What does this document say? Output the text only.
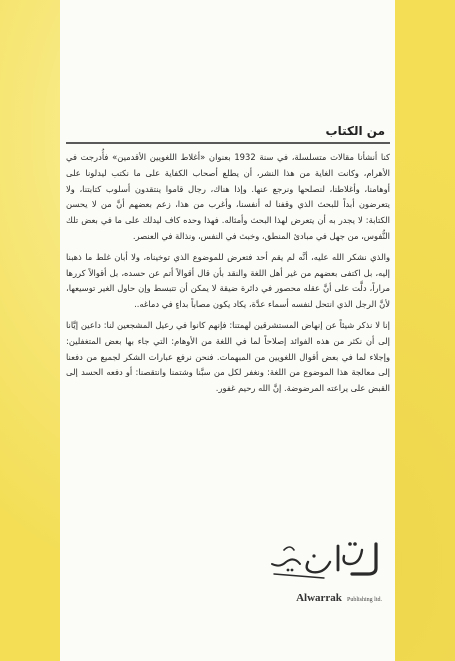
من الكتاب

كنا أنشأنا مقالات متسلسلة، في سنة 1932 بعنوان «أغلاط اللغويين الأقدمين» فأُدرجت في الأهرام، وكانت الغاية من هذا النشر، أن يطلع أصحاب الكفاية على ما نكتب ليدلونا على أوهامنا، وأغلاطنا، لنصلحها ونرجع عنها. وإذا هناك، رجال قاموا ينتقدون أسلوب كتابتنا، ولا يتعرضون أبداً للبحث الذي وقفنا له أنفسنا، وأغرب من هذا، زعم بعضهم أنَّ من لا يحسن الكتابة: لا يجدر به أن يتعرض لهذا البحث وأمثاله. فهذا وحده كاف ليدلك على ما في بعض تلك النُّفوس، من جهل في مبادئ المنطق، وخبث في النفس، ونذالة في العنصر.

والذي نشكر الله عليه، أنَّه لم يقم أحد فتعرض للموضوع الذي توخيناه، ولا أبان غلط ما ذهبنا إليه، بل اكتفى بعضهم من غير أهل اللغة والنقد بأن قال أقوالاً أتم عن حسده، بل أقوالاً كررها مراراً، دلَّت على أنَّ عقله محصور في دائرة ضيقة لا يمكن أن تتبسط وإن حاول الغير توسيعها، لأنَّ الرجل الذي انتحل لنفسه أسماء عدَّة، يكاد يكون مصاباً بداءٍ في دماغه..

إنا لا نذكر شيئاً عن إنهاض المستشرقين لهمتنا: فإنهم كانوا في رعيل المشجعين لنا: داعين إيَّانا إلى أن نكثر من هذه الفوائد إصلاحاً لما في اللغة من الأوهام: التي جاء بها بعض المتغفلين: وإجلاء لما في بعض أقوال اللغويين من المبهمات. فنحن نرفع عبارات الشكر لجميع من دفعنا إلى معالجة هذا الموضوع من اللغة: ونغفر لكل من سبَّنا وشتمنا وانتقصنا: أو دفعه الحسد إلى القبض على يراعته المرضوضة. إنَّ الله رحيم غفور.

Alwarrak Publishing ltd.
